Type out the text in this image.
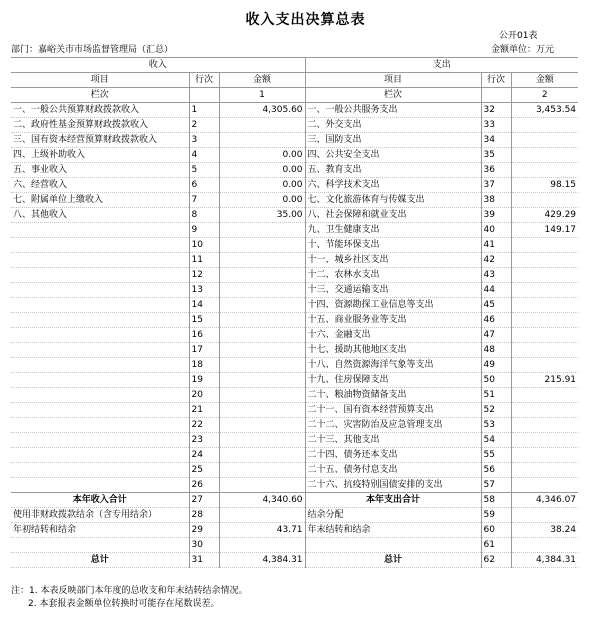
收入支出决算总表
公开01表
部门：嘉峪关市市场监督管理局（汇总）	金额单位：万元
收入			支出		
项目	行次	金额	项目	行次	金额
栏次		1	栏次		2
一、一般公共预算财政拨款收入	1	4,305.60	一、一般公共服务支出	32	3,453.54
二、政府性基金预算财政拨款收入	2		二、外交支出	33	
三、国有资本经营预算财政拨款收入	3		三、国防支出	34	
四、上级补助收入	4	0.00	四、公共安全支出	35	
五、事业收入	5	0.00	五、教育支出	36	
六、经营收入	6	0.00	六、科学技术支出	37	98.15
七、附属单位上缴收入	7	0.00	七、文化旅游体育与传媒支出	38	
八、其他收入	8	35.00	八、社会保障和就业支出	39	429.29
	9		九、卫生健康支出	40	149.17
	10		十、节能环保支出	41	
	11		十一、城乡社区支出	42	
	12		十二、农林水支出	43	
	13		十三、交通运输支出	44	
	14		十四、资源勘探工业信息等支出	45	
	15		十五、商业服务业等支出	46	
	16		十六、金融支出	47	
	17		十七、援助其他地区支出	48	
	18		十八、自然资源海洋气象等支出	49	
	19		十九、住房保障支出	50	215.91
	20		二十、粮油物资储备支出	51	
	21		二十一、国有资本经营预算支出	52	
	22		二十二、灾害防治及应急管理支出	53	
	23		二十三、其他支出	54	
	24		二十四、债务还本支出	55	
	25		二十五、债务付息支出	56	
	26		二十六、抗疫特别国债安排的支出	57	
本年收入合计	27	4,340.60	本年支出合计	58	4,346.07
使用非财政拨款结余（含专用结余）	28		结余分配	59	
年初结转和结余	29	43.71	年末结转和结余	60	38.24
	30			61	
总计	31	4,384.31	总计	62	4,384.31
注：1. 本表反映部门本年度的总收支和年末结转结余情况。
2. 本套报表金额单位转换时可能存在尾数误差。
